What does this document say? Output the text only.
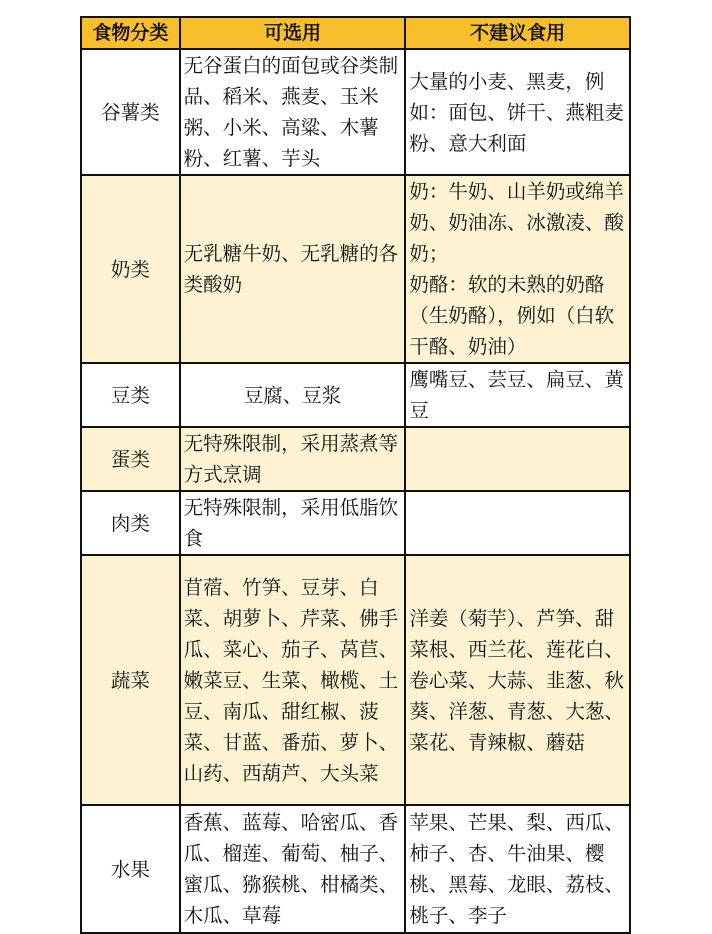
食物分类	可选用	不建议食用
谷薯类	无谷蛋白的面包或谷类制品、稻米、燕麦、玉米粥、小米、高粱、木薯粉、红薯、芋头	大量的小麦、黑麦，例如：面包、饼干、燕粗麦粉、意大利面
奶类	无乳糖牛奶、无乳糖的各类酸奶	奶：牛奶、山羊奶或绵羊奶、奶油冻、冰激凌、酸奶；
奶酪：软的未熟的奶酪（生奶酪），例如（白软干酪、奶油）

豆类	豆腐、豆浆	鹰嘴豆、芸豆、扁豆、黄豆
蛋类	无特殊限制，采用蒸煮等方式烹调	
肉类	无特殊限制，采用低脂饮食	
蔬菜	苜蓿、竹笋、豆芽、白菜、胡萝卜、芹菜、佛手瓜、菜心、茄子、莴苣、嫩菜豆、生菜、橄榄、土豆、南瓜、甜红椒、菠菜、甘蓝、番茄、萝卜、山药、西葫芦、大头菜	洋姜（菊芋）、芦笋、甜菜根、西兰花、莲花白、卷心菜、大蒜、韭葱、秋葵、洋葱、青葱、大葱、菜花、青辣椒、蘑菇
水果	香蕉、蓝莓、哈密瓜、香瓜、榴莲、葡萄、柚子、蜜瓜、猕猴桃、柑橘类、木瓜、草莓	苹果、芒果、梨、西瓜、柿子、杏、牛油果、樱桃、黑莓、龙眼、荔枝、桃子、李子
